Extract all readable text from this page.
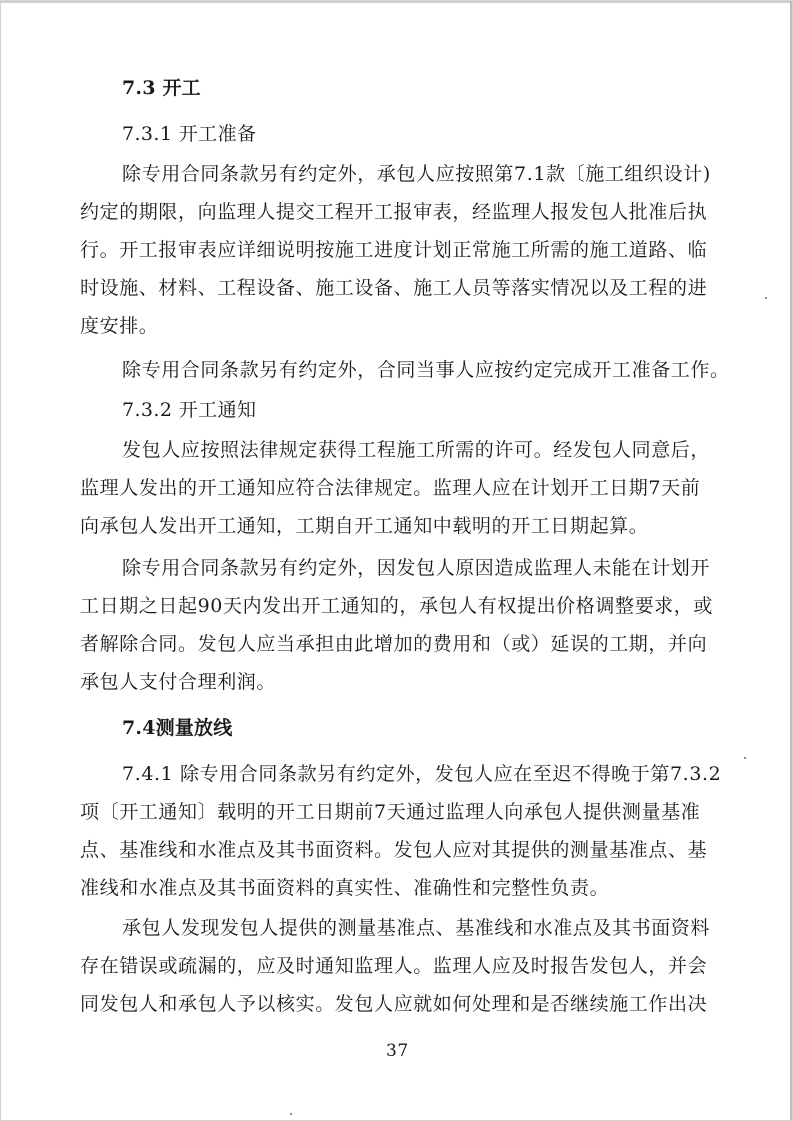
7.3 开工
7.3.1 开工准备
除专用合同条款另有约定外，承包人应按照第7.1款〔施工组织设计)
约定的期限，向监理人提交工程开工报审表，经监理人报发包人批准后执
行。开工报审表应详细说明按施工进度计划正常施工所需的施工道路、临
时设施、材料、工程设备、施工设备、施工人员等落实情况以及工程的进
度安排。
除专用合同条款另有约定外，合同当事人应按约定完成开工准备工作。
7.3.2 开工通知
发包人应按照法律规定获得工程施工所需的许可。经发包人同意后，
监理人发出的开工通知应符合法律规定。监理人应在计划开工日期7天前
向承包人发出开工通知，工期自开工通知中载明的开工日期起算。
除专用合同条款另有约定外，因发包人原因造成监理人未能在计划开
工日期之日起90天内发出开工通知的，承包人有权提出价格调整要求，或
者解除合同。发包人应当承担由此增加的费用和（或）延误的工期，并向
承包人支付合理利润。
7.4测量放线
7.4.1 除专用合同条款另有约定外，发包人应在至迟不得晚于第7.3.2
项〔开工通知〕载明的开工日期前7天通过监理人向承包人提供测量基准
点、基准线和水准点及其书面资料。发包人应对其提供的测量基准点、基
准线和水准点及其书面资料的真实性、准确性和完整性负责。
承包人发现发包人提供的测量基准点、基准线和水准点及其书面资料
存在错误或疏漏的，应及时通知监理人。监理人应及时报告发包人，并会
同发包人和承包人予以核实。发包人应就如何处理和是否继续施工作出决
37
